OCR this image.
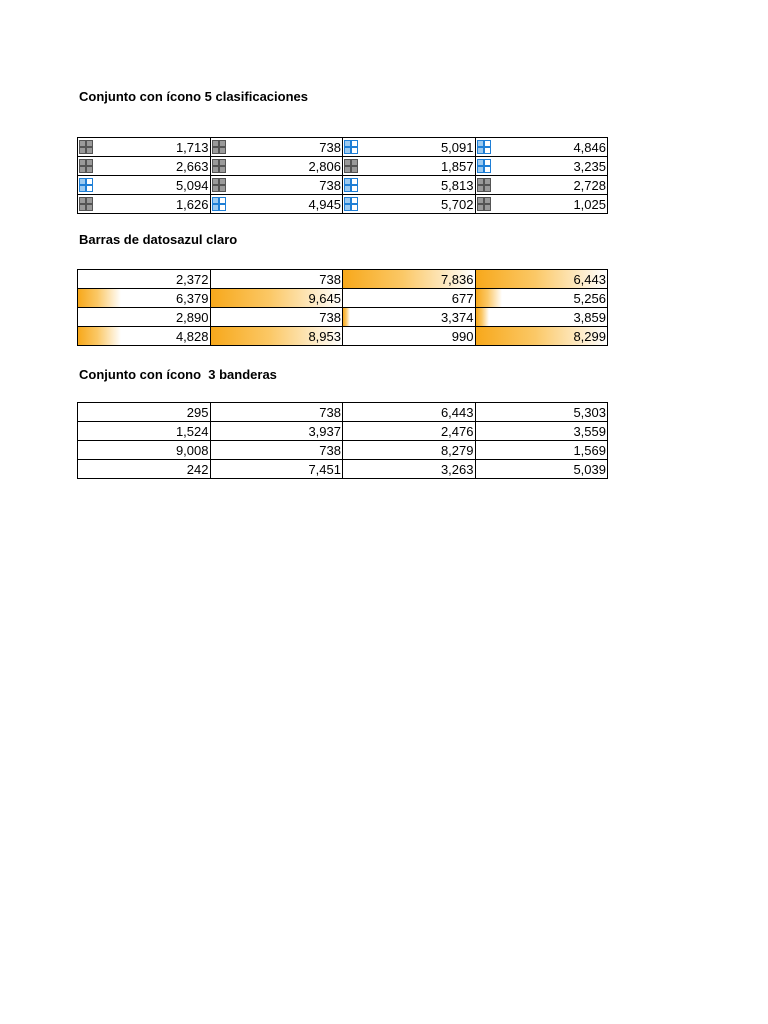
Conjunto con ícono 5 clasificaciones
1,713	738	5,091	4,846

2,663	2,806	1,857	3,235

5,094	738	5,813	2,728

1,626	4,945	5,702	1,025
Barras de datosazul claro
2,372	738	7,836	6,443

6,379	9,645	677	5,256
2,890	738	3,374	3,859

4,828	8,953	990	8,299
Conjunto con ícono  3 banderas
295	738	6,443	5,303
1,524	3,937	2,476	3,559
9,008	738	8,279	1,569
242	7,451	3,263	5,039
